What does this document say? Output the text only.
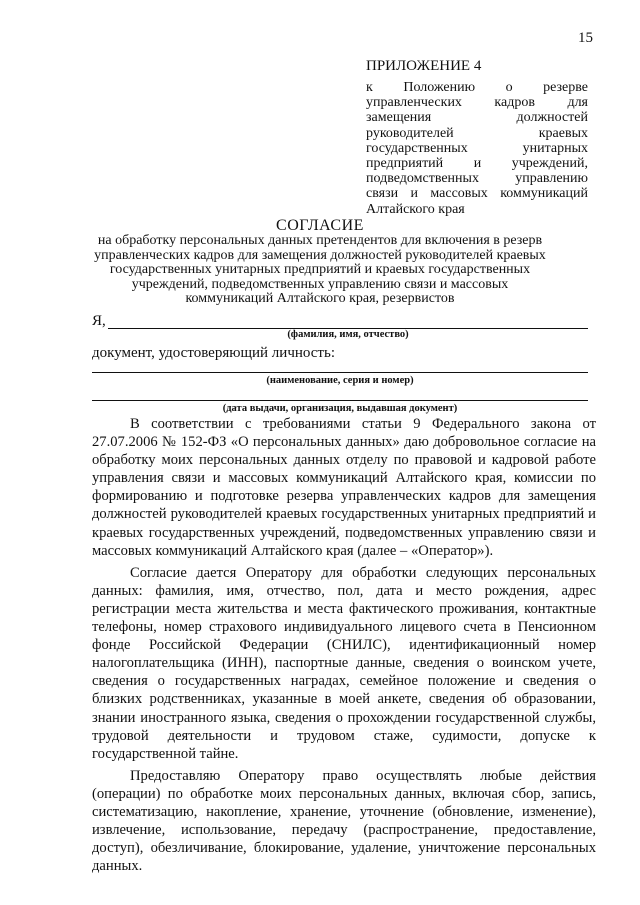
15
ПРИЛОЖЕНИЕ 4
к Положению о резерве управленческих кадров для замещения должностей руководителей краевых государственных унитарных предприятий и учреждений, подведомственных управлению связи и массовых коммуникаций Алтайского края
СОГЛАСИЕ
на обработку персональных данных претендентов для включения в резерв управленческих кадров для замещения должностей руководителей краевых государственных унитарных предприятий и краевых государственных учреждений, подведомственных управлению связи и массовых коммуникаций Алтайского края, резервистов
Я,
(фамилия, имя, отчество)
документ, удостоверяющий личность:
(наименование, серия и номер)
(дата выдачи, организация, выдавшая документ)

В соответствии с требованиями статьи 9 Федерального закона от 27.07.2006 № 152-ФЗ «О персональных данных» даю добровольное согласие на обработку моих персональных данных отделу по правовой и кадровой работе управления связи и массовых коммуникаций Алтайского края, комиссии по формированию и подготовке резерва управленческих кадров для замещения должностей руководителей краевых государственных унитарных предприятий и краевых государственных учреждений, подведомственных управлению связи и массовых коммуникаций Алтайского края (далее – «Оператор»).

Согласие дается Оператору для обработки следующих персональных данных: фамилия, имя, отчество, пол, дата и место рождения, адрес регистрации места жительства и места фактического проживания, контактные телефоны, номер страхового индивидуального лицевого счета в Пенсионном фонде Российской Федерации (СНИЛС), идентификационный номер налогоплательщика (ИНН), паспортные данные, сведения о воинском учете, сведения о государственных наградах, семейное положение и сведения о близких родственниках, указанные в моей анкете, сведения об образовании, знании иностранного языка, сведения о прохождении государственной службы, трудовой деятельности и трудовом стаже, судимости, допуске к государственной тайне.

Предоставляю Оператору право осуществлять любые действия (операции) по обработке моих персональных данных, включая сбор, запись, систематизацию, накопление, хранение, уточнение (обновление, изменение), извлечение, использование, передачу (распространение, предоставление, доступ), обезличивание, блокирование, удаление, уничтожение персональных данных.
